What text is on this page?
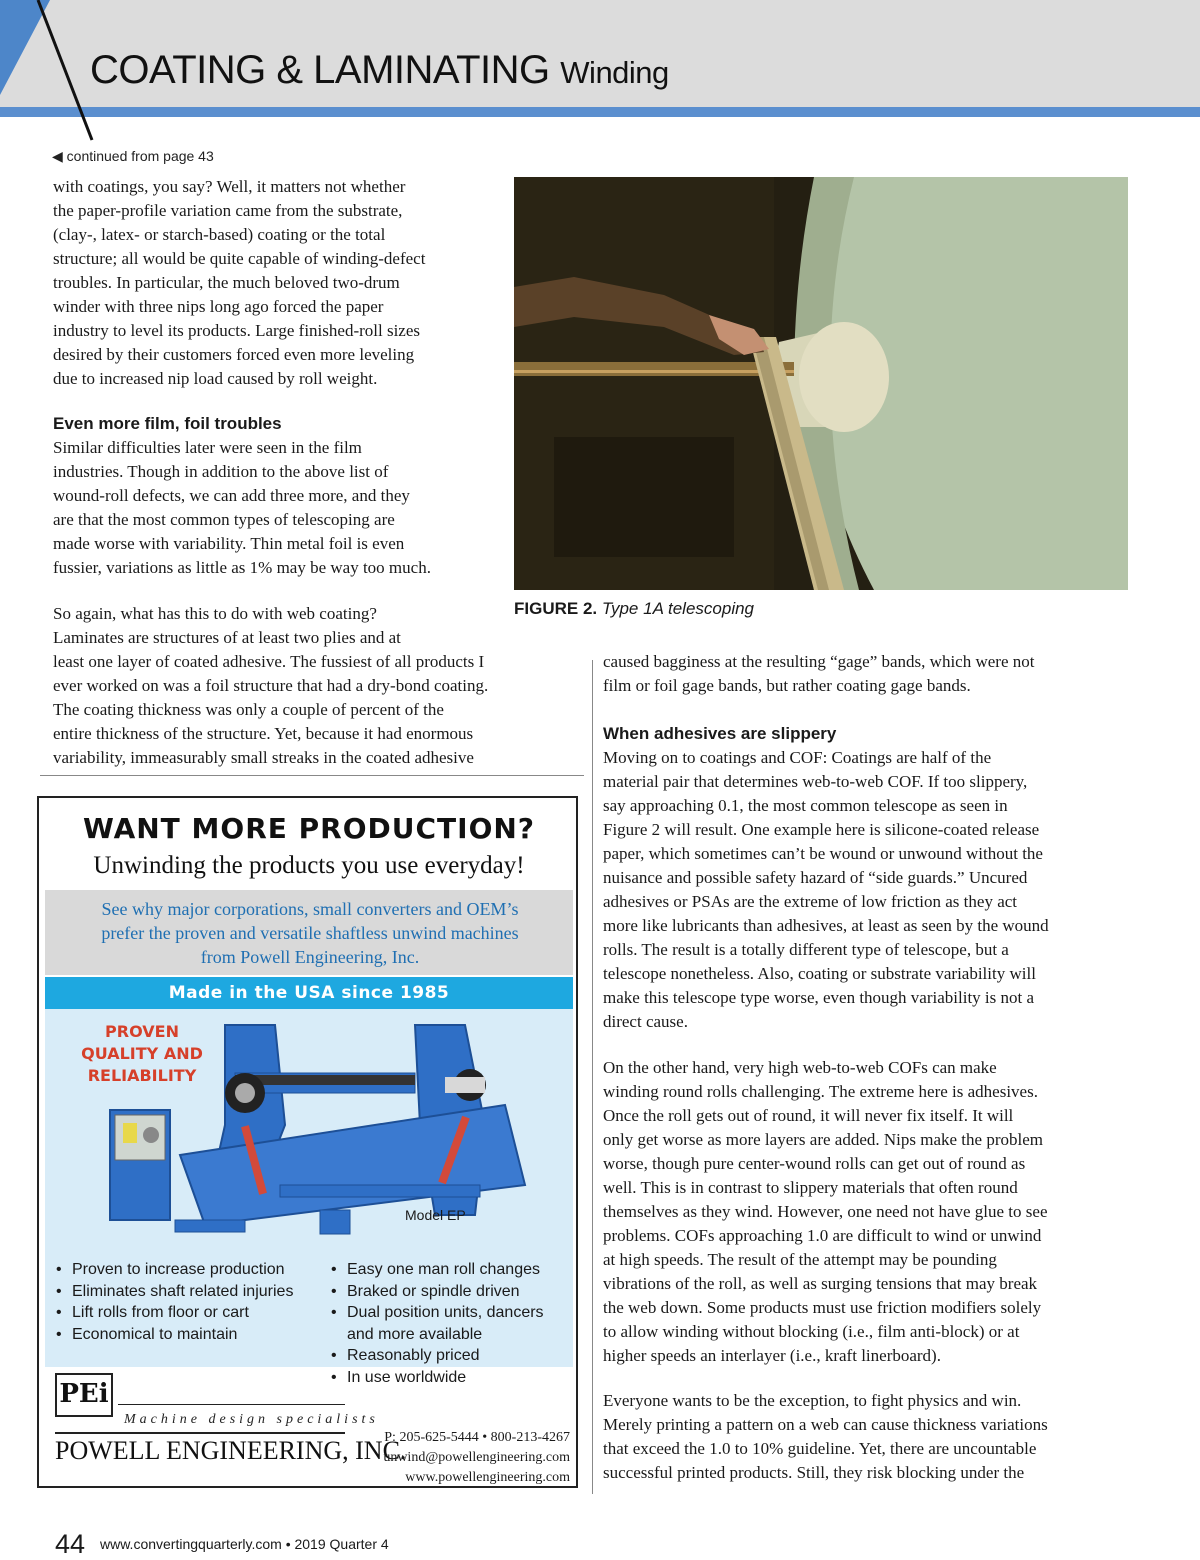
COATING & LAMINATING Winding
◀ continued from page 43
with coatings, you say? Well, it matters not whether
the paper-profile variation came from the substrate,
(clay-, latex- or starch-based) coating or the total
structure; all would be quite capable of winding-defect
troubles. In particular, the much beloved two-drum
winder with three nips long ago forced the paper
industry to level its products. Large finished-roll sizes
desired by their customers forced even more leveling
due to increased nip load caused by roll weight.
Even more film, foil troubles
Similar difficulties later were seen in the film
industries. Though in addition to the above list of
wound-roll defects, we can add three more, and they
are that the most common types of telescoping are
made worse with variability. Thin metal foil is even
fussier, variations as little as 1% may be way too much.
So again, what has this to do with web coating?
Laminates are structures of at least two plies and at
least one layer of coated adhesive. The fussiest of all products I
ever worked on was a foil structure that had a dry-bond coating.
The coating thickness was only a couple of percent of the
entire thickness of the structure. Yet, because it had enormous
variability, immeasurably small streaks in the coated adhesive
FIGURE 2. Type 1A telescoping
caused bagginess at the resulting “gage” bands, which were not
film or foil gage bands, but rather coating gage bands.
When adhesives are slippery
Moving on to coatings and COF: Coatings are half of the
material pair that determines web-to-web COF. If too slippery,
say approaching 0.1, the most common telescope as seen in
Figure 2 will result. One example here is silicone-coated release
paper, which sometimes can’t be wound or unwound without the
nuisance and possible safety hazard of “side guards.” Uncured
adhesives or PSAs are the extreme of low friction as they act
more like lubricants than adhesives, at least as seen by the wound
rolls. The result is a totally different type of telescope, but a
telescope nonetheless. Also, coating or substrate variability will
make this telescope type worse, even though variability is not a
direct cause.
On the other hand, very high web-to-web COFs can make
winding round rolls challenging. The extreme here is adhesives.
Once the roll gets out of round, it will never fix itself. It will
only get worse as more layers are added. Nips make the problem
worse, though pure center-wound rolls can get out of round as
well. This is in contrast to slippery materials that often round
themselves as they wind. However, one need not have glue to see
problems. COFs approaching 1.0 are difficult to wind or unwind
at high speeds. The result of the attempt may be pounding
vibrations of the roll, as well as surging tensions that may break
the web down. Some products must use friction modifiers solely
to allow winding without blocking (i.e., film anti-block) or at
higher speeds an interlayer (i.e., kraft linerboard).
Everyone wants to be the exception, to fight physics and win.
Merely printing a pattern on a web can cause thickness variations
that exceed the 1.0 to 10% guideline. Yet, there are uncountable
successful printed products. Still, they risk blocking under the
WANT MORE PRODUCTION?
Unwinding the products you use everyday!
See why major corporations, small converters and OEM’s
prefer the proven and versatile shaftless unwind machines
from Powell Engineering, Inc.
Made in the USA since 1985
PROVEN
QUALITY AND
RELIABILITY
Model EP
• Proven to increase production
• Eliminates shaft related injuries
• Lift rolls from floor or cart
• Economical to maintain
• Easy one man roll changes
• Braked or spindle driven
• Dual position units, dancers and more available
• Reasonably priced
• In use worldwide
PEi
Machine design specialists
POWELL ENGINEERING, INC.
P: 205-625-5444 • 800-213-4267
unwind@powellengineering.com
www.powellengineering.com
44 www.convertingquarterly.com • 2019 Quarter 4
